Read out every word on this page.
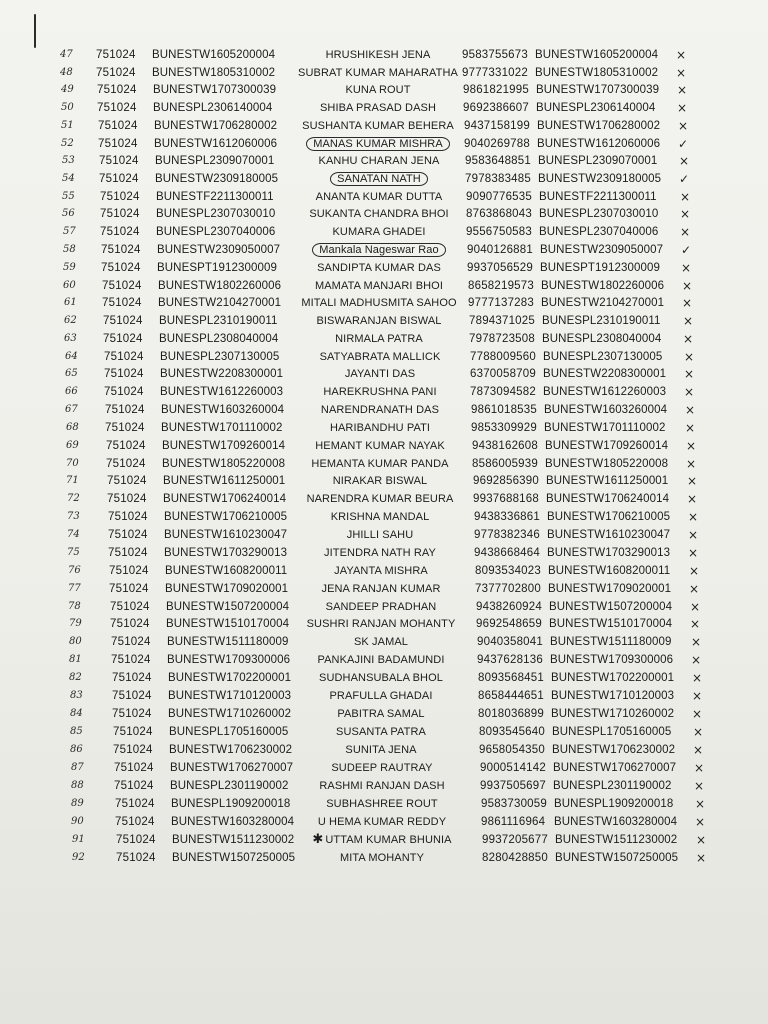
47 751024 BUNESTW1605200004	HRUSHIKESH JENA	9583755673 BUNESTW1605200004 ×
48 751024 BUNESTW1805310002	SUBRAT KUMAR MAHARATHA 9777331022 BUNESTW1805310002 ×
49 751024 BUNESTW1707300039	KUNA ROUT	9861821995 BUNESTW1707300039 ×
50 751024 BUNESPL2306140004	SHIBA PRASAD DASH	9692386607 BUNESPL2306140004 ×
51 751024 BUNESTW1706280002	SUSHANTA KUMAR BEHERA 9437158199 BUNESTW1706280002 ×
52 751024 BUNESTW1612060006	MANAS KUMAR MISHRA	9040269788 BUNESTW1612060006 ✓
53 751024 BUNESPL2309070001	KANHU CHARAN JENA	9583648851 BUNESPL2309070001 ×
54 751024 BUNESTW2309180005	SANATAN NATH	7978383485 BUNESTW2309180005 ✓
55 751024 BUNESTF2211300011	ANANTA KUMAR DUTTA	9090776535 BUNESTF2211300011 ×
56 751024 BUNESPL2307030010	SUKANTA CHANDRA BHOI	8763868043 BUNESPL2307030010 ×
57 751024 BUNESPL2307040006	KUMARA GHADEI	9556750583 BUNESPL2307040006 ×
58 751024 BUNESTW2309050007	Mankala Nageswar Rao	9040126881 BUNESTW2309050007 ✓
59 751024 BUNESPT1912300009	SANDIPTA KUMAR DAS	9937056529 BUNESPT1912300009 ×
60 751024 BUNESTW1802260006	MAMATA MANJARI BHOI	8658219573 BUNESTW1802260006 ×
61 751024 BUNESTW2104270001	MITALI MADHUSMITA SAHOO 9777137283 BUNESTW2104270001 ×
62 751024 BUNESPL2310190011	BISWARANJAN BISWAL	7894371025 BUNESPL2310190011 ×
63 751024 BUNESPL2308040004	NIRMALA PATRA	7978723508 BUNESPL2308040004 ×
64 751024 BUNESPL2307130005	SATYABRATA MALLICK	7788009560 BUNESPL2307130005 ×
65 751024 BUNESTW2208300001	JAYANTI DAS	6370058709 BUNESTW2208300001 ×
66 751024 BUNESTW1612260003	HAREKRUSHNA PANI	7873094582 BUNESTW1612260003 ×
67 751024 BUNESTW1603260004	NARENDRANATH DAS	9861018535 BUNESTW1603260004 ×
68 751024 BUNESTW1701110002	HARIBANDHU PATI	9853309929 BUNESTW1701110002 ×
69 751024 BUNESTW1709260014	HEMANT KUMAR NAYAK	9438162608 BUNESTW1709260014 ×
70 751024 BUNESTW1805220008	HEMANTA KUMAR PANDA	8586005939 BUNESTW1805220008 ×
71 751024 BUNESTW1611250001	NIRAKAR BISWAL	9692856390 BUNESTW1611250001 ×
72 751024 BUNESTW1706240014	NARENDRA KUMAR BEURA	9937688168 BUNESTW1706240014 ×
73 751024 BUNESTW1706210005	KRISHNA MANDAL	9438336861 BUNESTW1706210005 ×
74 751024 BUNESTW1610230047	JHILLI SAHU	9778382346 BUNESTW1610230047 ×
75 751024 BUNESTW1703290013	JITENDRA NATH RAY	9438668464 BUNESTW1703290013 ×
76 751024 BUNESTW1608200011	JAYANTA MISHRA	8093534023 BUNESTW1608200011 ×
77 751024 BUNESTW1709020001	JENA RANJAN KUMAR	7377702800 BUNESTW1709020001 ×
78	751024 BUNESTW1507200004	SANDEEP PRADHAN	9438260924 BUNESTW1507200004 ×
79 751024 BUNESTW1510170004	SUSHRI RANJAN MOHANTY	9692548659 BUNESTW1510170004 ×
80	751024 BUNESTW1511180009	SK JAMAL	9040358041 BUNESTW1511180009 ×
81	751024 BUNESTW1709300006	PANKAJINI BADAMUNDI	9437628136 BUNESTW1709300006 ×
82	751024 BUNESTW1702200001	SUDHANSUBALA BHOL	8093568451 BUNESTW1702200001 ×
83	751024 BUNESTW1710120003	PRAFULLA GHADAI	8658444651 BUNESTW1710120003 ×
84	751024 BUNESTW1710260002	PABITRA SAMAL	8018036899 BUNESTW1710260002 ×
85	751024 BUNESPL1705160005	SUSANTA PATRA	8093545640 BUNESPL1705160005 ×
86	751024 BUNESTW1706230002	SUNITA JENA	9658054350 BUNESTW1706230002 ×
87	751024 BUNESTW1706270007	SUDEEP RAUTRAY	9000514142 BUNESTW1706270007 ×
88	751024 BUNESPL2301190002	RASHMI RANJAN DASH	9937505697 BUNESPL2301190002 ×
89	751024 BUNESPL1909200018	SUBHASHREE ROUT	9583730059 BUNESPL1909200018 ×
90	751024 BUNESTW1603280004	U HEMA KUMAR REDDY	9861116964 BUNESTW1603280004 ×
91	751024 BUNESTW1511230002	✱ UTTAM KUMAR BHUNIA	9937205677 BUNESTW1511230002 ×
92	751024 BUNESTW1507250005	MITA MOHANTY	8280428850 BUNESTW1507250005 ×
